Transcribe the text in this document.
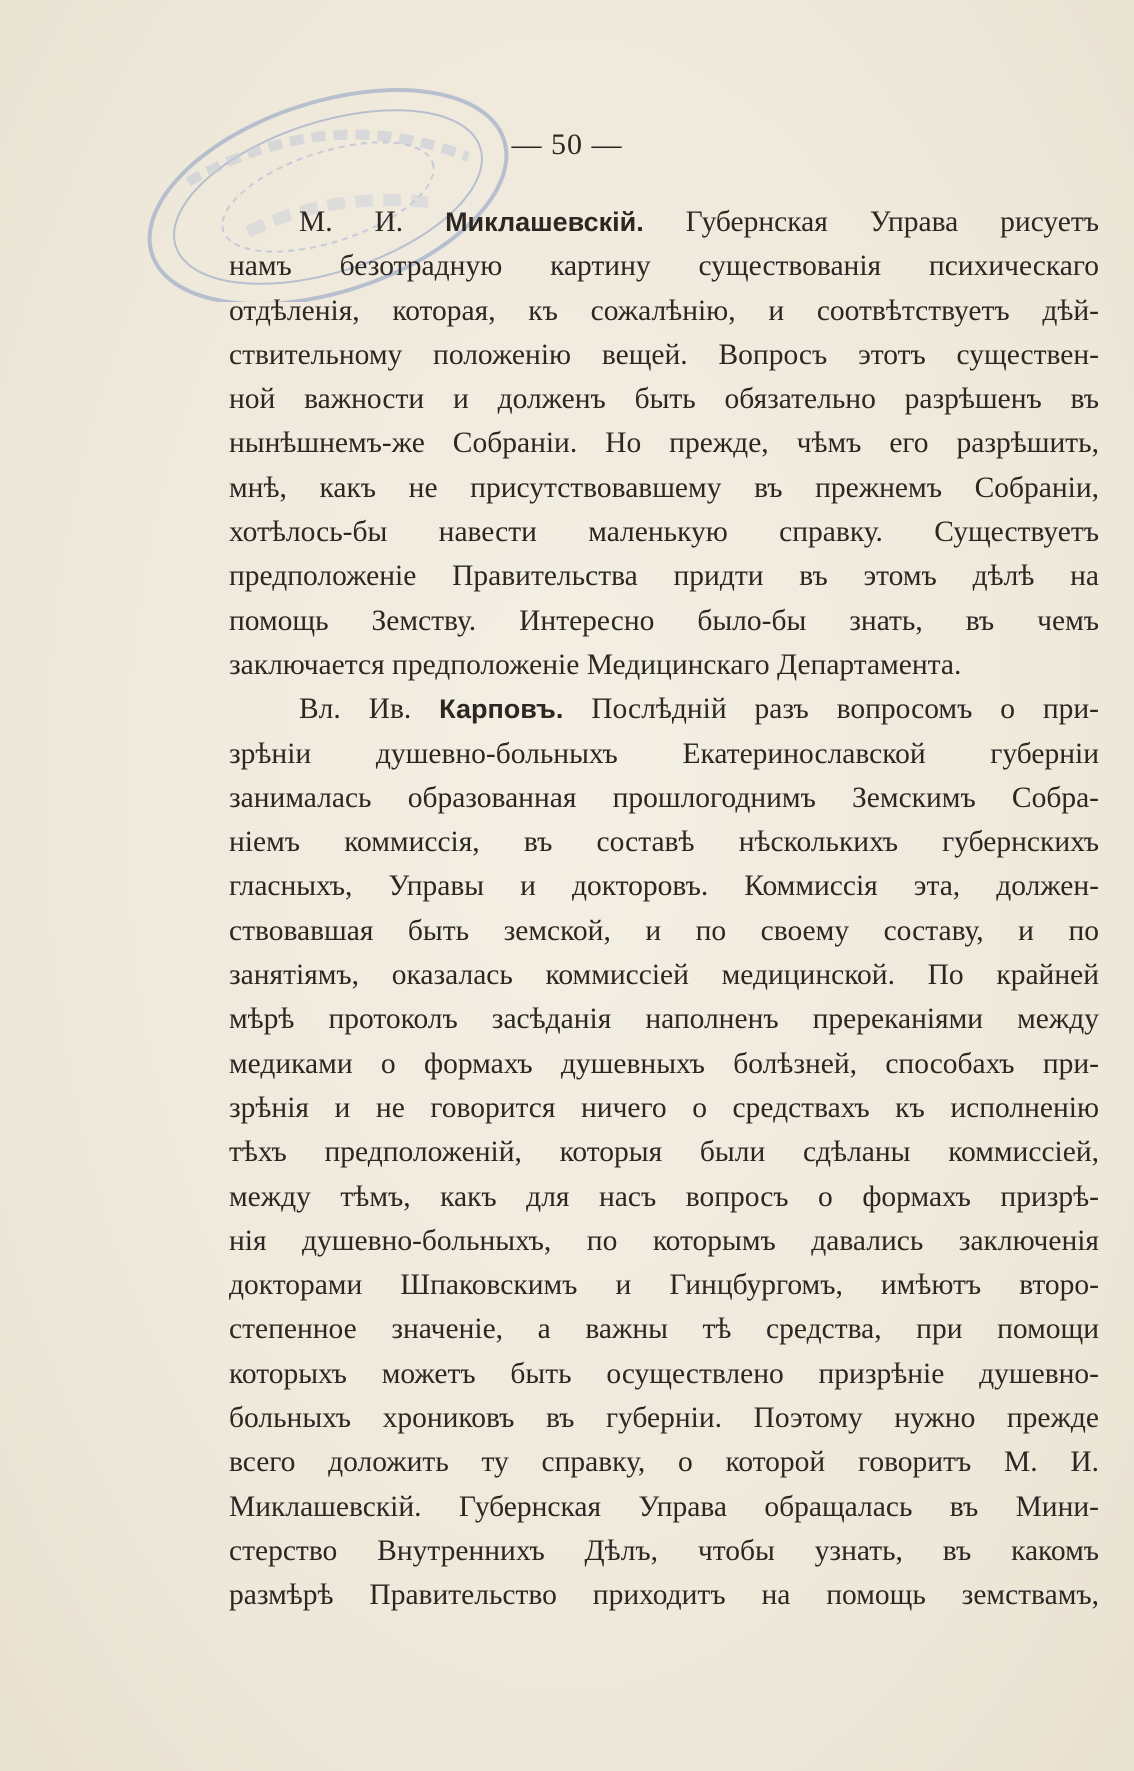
— 50 —
М. И. Миклашевскій. Губернская Управа рисуетъ
намъ безотрадную картину существованія психическаго
отдѣленія, которая, къ сожалѣнію, и соотвѣтствуетъ дѣй-
ствительному положенію вещей. Вопросъ этотъ существен-
ной важности и долженъ быть обязательно разрѣшенъ въ
нынѣшнемъ-же Собраніи. Но прежде, чѣмъ его разрѣшить,
мнѣ, какъ не присутствовавшему въ прежнемъ Собраніи,
хотѣлось-бы навести маленькую справку. Существуетъ
предположеніе Правительства придти въ этомъ дѣлѣ на
помощь Земству. Интересно было-бы знать, въ чемъ
заключается предположеніе Медицинскаго Департамента.
Вл. Ив. Карповъ. Послѣдній разъ вопросомъ о при-
зрѣніи душевно-больныхъ Екатеринославской губерніи
занималась образованная прошлогоднимъ Земскимъ Собра-
ніемъ коммиссія, въ составѣ нѣсколькихъ губернскихъ
гласныхъ, Управы и докторовъ. Коммиссія эта, должен-
ствовавшая быть земской, и по своему составу, и по
занятіямъ, оказалась коммиссіей медицинской. По крайней
мѣрѣ протоколъ засѣданія наполненъ пререканіями между
медиками о формахъ душевныхъ болѣзней, способахъ при-
зрѣнія и не говорится ничего о средствахъ къ исполненію
тѣхъ предположеній, которыя были сдѣланы коммиссіей,
между тѣмъ, какъ для насъ вопросъ о формахъ призрѣ-
нія душевно-больныхъ, по которымъ давались заключенія
докторами Шпаковскимъ и Гинцбургомъ, имѣютъ второ-
степенное значеніе, а важны тѣ средства, при помощи
которыхъ можетъ быть осуществлено призрѣніе душевно-
больныхъ хрониковъ въ губерніи. Поэтому нужно прежде
всего доложить ту справку, о которой говоритъ М. И.
Миклашевскій. Губернская Управа обращалась въ Мини-
стерство Внутреннихъ Дѣлъ, чтобы узнать, въ какомъ
размѣрѣ Правительство приходитъ на помощь земствамъ,
